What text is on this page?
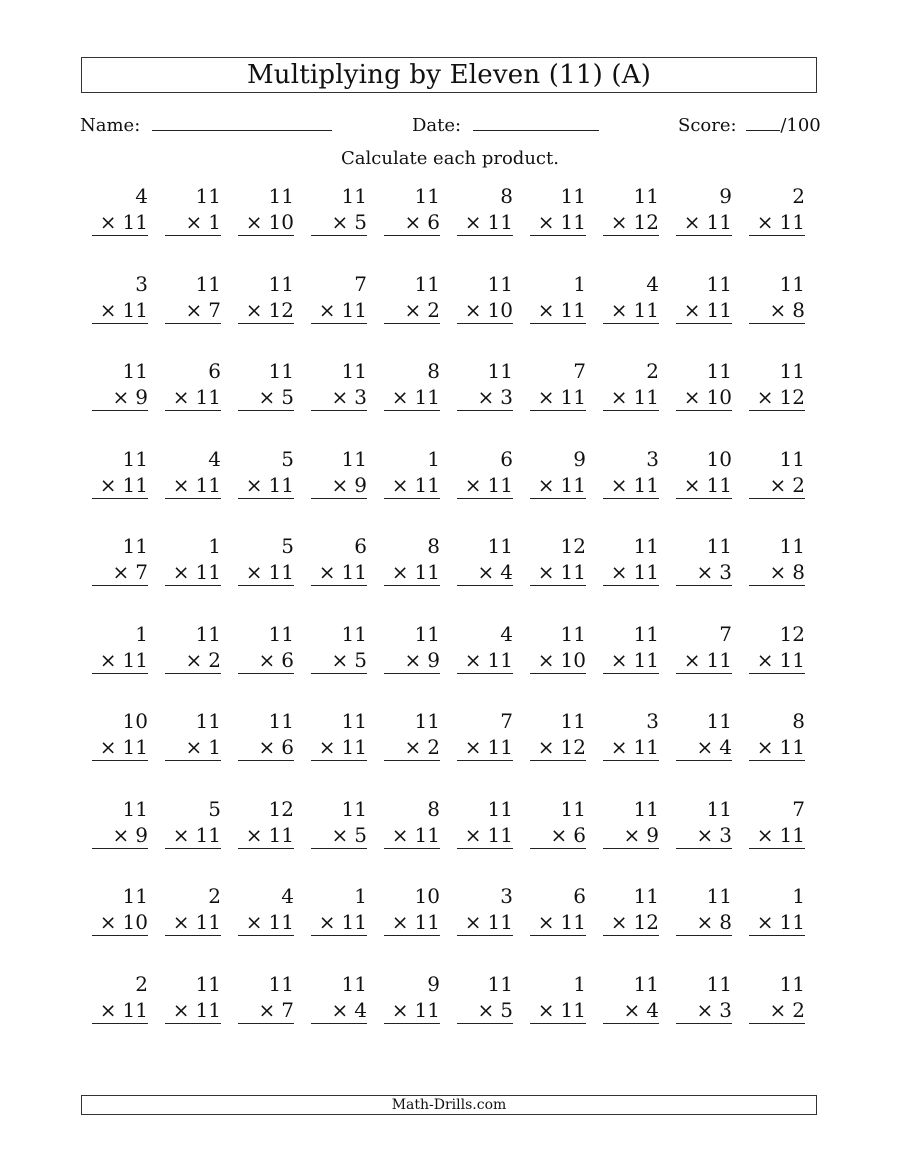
Multiplying by Eleven (11) (A)
Name:	Date:	Score: /100
Calculate each product.
4
× 11
11
× 1
11
× 10
11
× 5
11
× 6
8
× 11
11
× 11
11
× 12
9
× 11
2
× 11
3
× 11
11
× 7
11
× 12
7
× 11
11
× 2
11
× 10
1
× 11
4
× 11
11
× 11
11
× 8
11
× 9
6
× 11
11
× 5
11
× 3
8
× 11
11
× 3
7
× 11
2
× 11
11
× 10
11
× 12
11
× 11
4
× 11
5
× 11
11
× 9
1
× 11
6
× 11
9
× 11
3
× 11
10
× 11
11
× 2
11
× 7
1
× 11
5
× 11
6
× 11
8
× 11
11
× 4
12
× 11
11
× 11
11
× 3
11
× 8
1
× 11
11
× 2
11
× 6
11
× 5
11
× 9
4
× 11
11
× 10
11
× 11
7
× 11
12
× 11
10
× 11
11
× 1
11
× 6
11
× 11
11
× 2
7
× 11
11
× 12
3
× 11
11
× 4
8
× 11
11
× 9
5
× 11
12
× 11
11
× 5
8
× 11
11
× 11
11
× 6
11
× 9
11
× 3
7
× 11
11
× 10
2
× 11
4
× 11
1
× 11
10
× 11
3
× 11
6
× 11
11
× 12
11
× 8
1
× 11
2
× 11
11
× 11
11
× 7
11
× 4
9
× 11
11
× 5
1
× 11
11
× 4
11
× 3
11
× 2
Math-Drills.com
